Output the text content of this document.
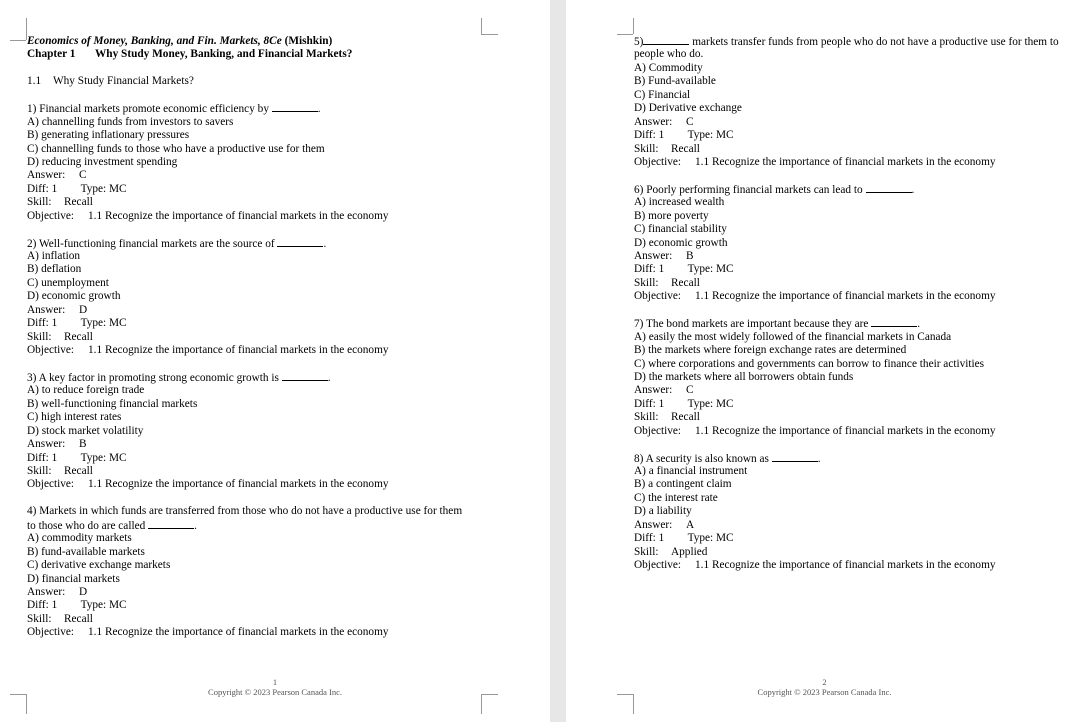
Economics of Money, Banking, and Fin. Markets, 8Ce (Mishkin)
Chapter 1 Why Study Money, Banking, and Financial Markets?
1.1 Why Study Financial Markets?
1) Financial markets promote economic efficiency by	.
A) channelling funds from investors to savers
B) generating inflationary pressures
C) channelling funds to those who have a productive use for them
D) reducing investment spending
Answer: C
Diff: 1 Type: MC
Skill: Recall
Objective: 1.1 Recognize the importance of financial markets in the economy
2) Well-functioning financial markets are the source of	.
A) inflation
B) deflation
C) unemployment
D) economic growth
Answer: D
Diff: 1 Type: MC
Skill: Recall
Objective: 1.1 Recognize the importance of financial markets in the economy
3) A key factor in promoting strong economic growth is	.
A) to reduce foreign trade
B) well-functioning financial markets
C) high interest rates
D) stock market volatility
Answer: B
Diff: 1 Type: MC
Skill: Recall
Objective: 1.1 Recognize the importance of financial markets in the economy
4) Markets in which funds are transferred from those who do not have a productive use for them
to those who do are called	.
A) commodity markets
B) fund-available markets
C) derivative exchange markets
D) financial markets
Answer: D
Diff: 1 Type: MC
Skill: Recall
Objective: 1.1 Recognize the importance of financial markets in the economy
1
Copyright © 2023 Pearson Canada Inc.
5)	markets transfer funds from people who do not have a productive use for them to
people who do.
A) Commodity
B) Fund-available
C) Financial
D) Derivative exchange
Answer: C
Diff: 1 Type: MC
Skill: Recall
Objective: 1.1 Recognize the importance of financial markets in the economy
6) Poorly performing financial markets can lead to	.
A) increased wealth
B) more poverty
C) financial stability
D) economic growth
Answer: B
Diff: 1 Type: MC
Skill: Recall
Objective: 1.1 Recognize the importance of financial markets in the economy
7) The bond markets are important because they are	.
A) easily the most widely followed of the financial markets in Canada
B) the markets where foreign exchange rates are determined
C) where corporations and governments can borrow to finance their activities
D) the markets where all borrowers obtain funds
Answer: C
Diff: 1 Type: MC
Skill: Recall
Objective: 1.1 Recognize the importance of financial markets in the economy
8) A security is also known as	.
A) a financial instrument
B) a contingent claim
C) the interest rate
D) a liability
Answer: A
Diff: 1 Type: MC
Skill: Applied
Objective: 1.1 Recognize the importance of financial markets in the economy
2
Copyright © 2023 Pearson Canada Inc.
